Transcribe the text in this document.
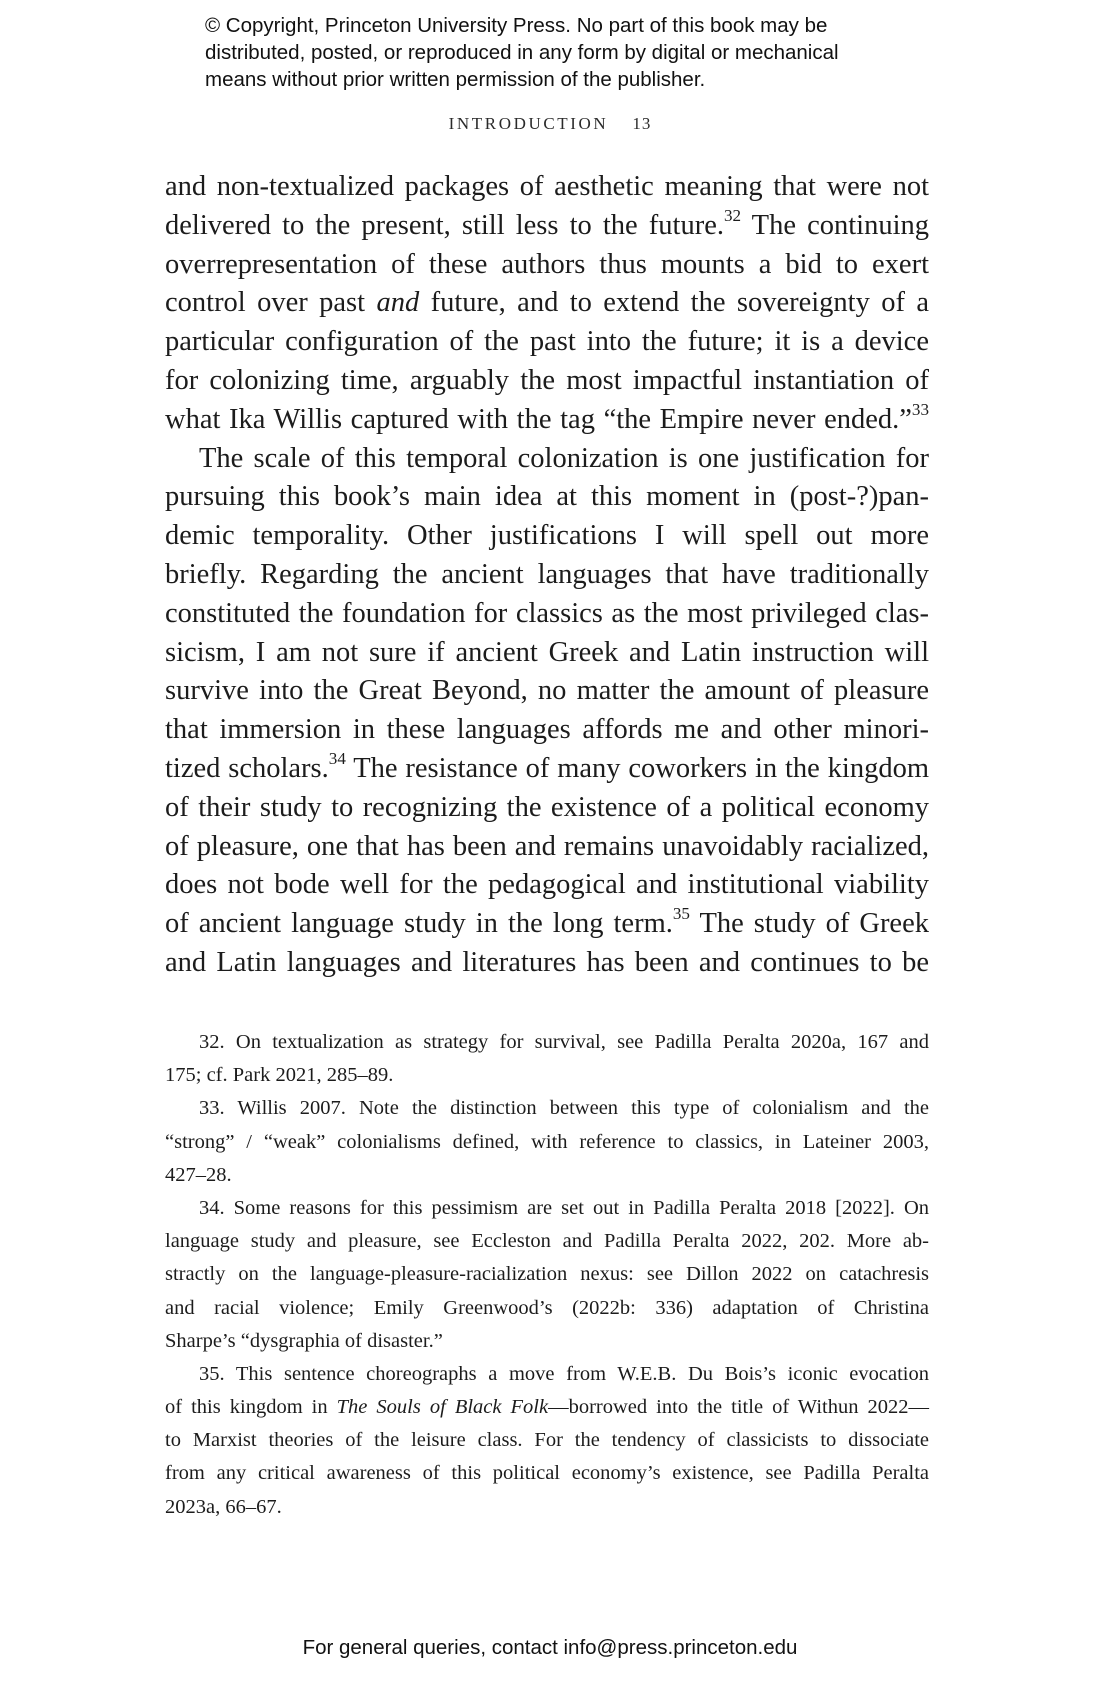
© Copyright, Princeton University Press. No part of this book may be
distributed, posted, or reproduced in any form by digital or mechanical
means without prior written permission of the publisher.
INTRODUCTION 13
and non-textualized packages of aesthetic meaning that were not
delivered to the present, still less to the future.$^{32}$ The continuing
overrepresentation of these authors thus mounts a bid to exert
control over past and future, and to extend the sovereignty of a
particular configuration of the past into the future; it is a device
for colonizing time, arguably the most impactful instantiation of
what Ika Willis captured with the tag “the Empire never ended.”$^{33}$
The scale of this temporal colonization is one justification for
pursuing this book’s main idea at this moment in (post-?)pan-
demic temporality. Other justifications I will spell out more
briefly. Regarding the ancient languages that have traditionally
constituted the foundation for classics as the most privileged clas-
sicism, I am not sure if ancient Greek and Latin instruction will
survive into the Great Beyond, no matter the amount of pleasure
that immersion in these languages affords me and other minori-
tized scholars.$^{34}$ The resistance of many coworkers in the kingdom
of their study to recognizing the existence of a political economy
of pleasure, one that has been and remains unavoidably racialized,
does not bode well for the pedagogical and institutional viability
of ancient language study in the long term.$^{35}$ The study of Greek
and Latin languages and literatures has been and continues to be
32. On textualization as strategy for survival, see Padilla Peralta 2020a, 167 and
175; cf. Park 2021, 285–89.
33. Willis 2007. Note the distinction between this type of colonialism and the
“strong” / “weak” colonialisms defined, with reference to classics, in Lateiner 2003,
427–28.
34. Some reasons for this pessimism are set out in Padilla Peralta 2018 [2022]. On
language study and pleasure, see Eccleston and Padilla Peralta 2022, 202. More ab-
stractly on the language-pleasure-racialization nexus: see Dillon 2022 on catachresis
and racial violence; Emily Greenwood’s (2022b: 336) adaptation of Christina
Sharpe’s “dysgraphia of disaster.”
35. This sentence choreographs a move from W.E.B. Du Bois’s iconic evocation
of this kingdom in The Souls of Black Folk—borrowed into the title of Withun 2022—
to Marxist theories of the leisure class. For the tendency of classicists to dissociate
from any critical awareness of this political economy’s existence, see Padilla Peralta
2023a, 66–67.
For general queries, contact info@press.princeton.edu
